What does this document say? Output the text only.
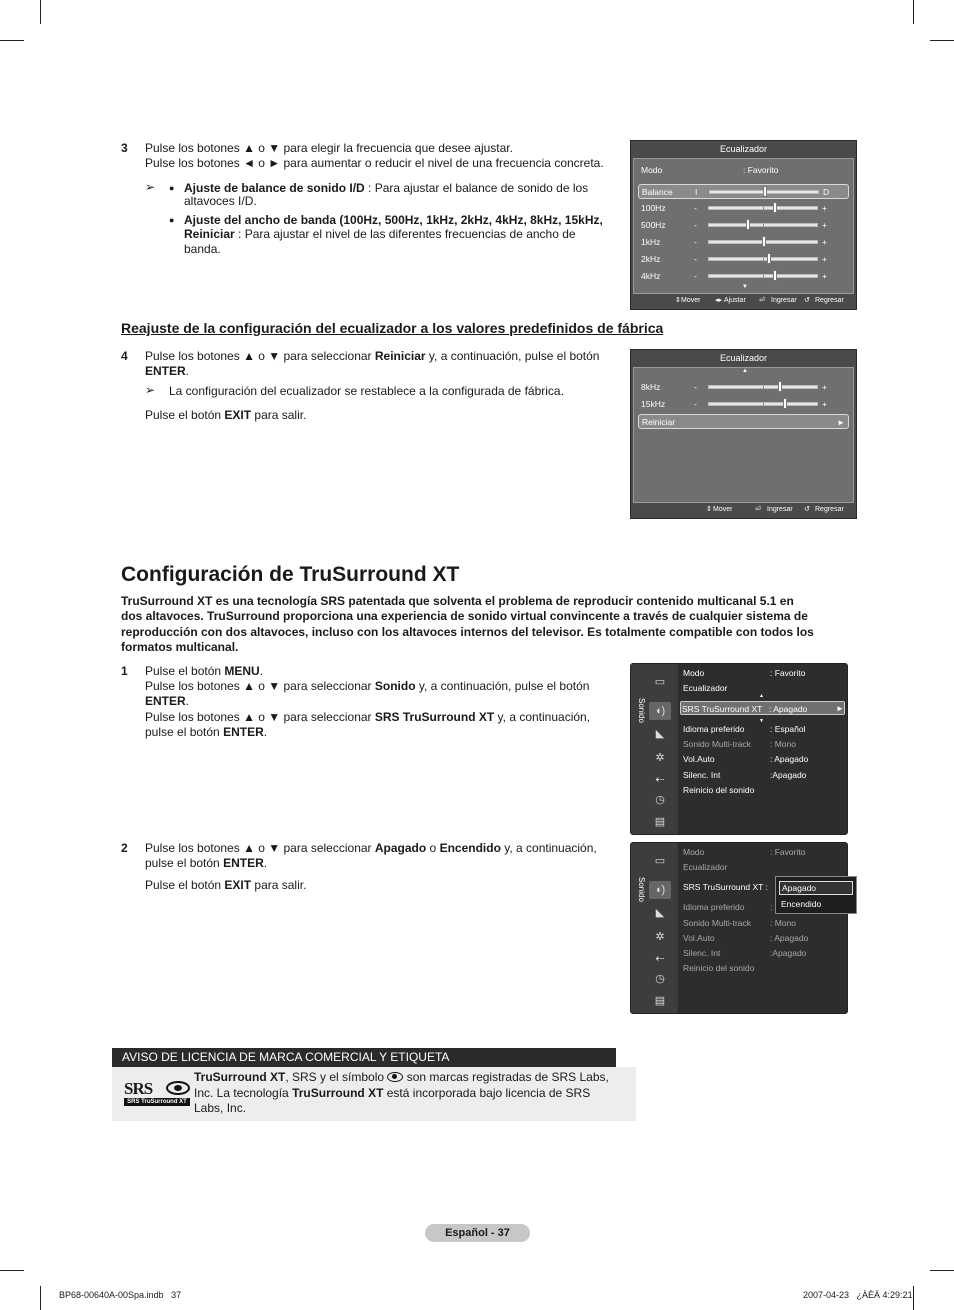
3 Pulse los botones ▲ o ▼ para elegir la frecuencia que desee ajustar.
Pulse los botones ◄ o ► para aumentar o reducir el nivel de una frecuencia concreta.
➢ ● Ajuste de balance de sonido I/D : Para ajustar el balance de sonido de los
altavoces I/D.
● Ajuste del ancho de banda (100Hz, 500Hz, 1kHz, 2kHz, 4kHz, 8kHz, 15kHz,
Reiniciar : Para ajustar el nivel de las diferentes frecuencias de ancho de
banda.
Ecualizador
Modo	: Favorito
Balance	I	D
100Hz	-	+
500Hz	-	+
1kHz	-	+
2kHz	-	+
4kHz	-	+
▼
⇕ Mover ◂▸ Ajustar ⏎ Ingresar ↺ Regresar
Reajuste de la configuración del ecualizador a los valores predefinidos de fábrica
4 Pulse los botones ▲ o ▼ para seleccionar Reiniciar y, a continuación, pulse el botón
ENTER.
➢ La configuración del ecualizador se restablece a la configurada de fábrica.
Pulse el botón EXIT para salir.
Ecualizador
▲
8kHz	-	+
15kHz	-	+
Reiniciar	►
⇕ Mover	⏎ Ingresar ↺ Regresar
Configuración de TruSurround XT
TruSurround XT es una tecnología SRS patentada que solventa el problema de reproducir contenido multicanal 5.1 en
dos altavoces. TruSurround proporciona una experiencia de sonido virtual convincente a través de cualquier sistema de
reproducción con dos altavoces, incluso con los altavoces internos del televisor. Es totalmente compatible con todos los
formatos multicanal.
1 Pulse el botón MENU.
Pulse los botones ▲ o ▼ para seleccionar Sonido y, a continuación, pulse el botón
ENTER.
Pulse los botones ▲ o ▼ para seleccionar SRS TruSurround XT y, a continuación,
pulse el botón ENTER.
Sonido
▭
◖)
◣
✲
⇠
◷
▤
Modo	: Favorito
Ecualizador
SRS TruSurround XT : Apagado
Idioma preferido	: Español
Sonido Multi-track : Mono
Vol.Auto	: Apagado
Silenc. Int	:Apagado
Reinicio del sonido
▲
▼
►
2 Pulse los botones ▲ o ▼ para seleccionar Apagado o Encendido y, a continuación,
pulse el botón ENTER.
Pulse el botón EXIT para salir.	Sonido
▭
◖)
◣
✲
⇠
◷
▤
Modo	: Favorito
Ecualizador
SRS TruSurround XT :
Idioma preferido	:
Sonido Multi-track : Mono
Vol.Auto	: Apagado
Silenc. Int	:Apagado
Reinicio del sonido
Apagado
Encendido
AVISO DE LICENCIA DE MARCA COMERCIAL Y ETIQUETA
SRS
SRS TruSurround XT
TruSurround XT, SRS y el símbolo
son marcas registradas de SRS Labs,
Inc. La tecnología TruSurround XT está incorporada bajo licencia de SRS
Labs, Inc.
Español - 37
BP68-00640A-00Spa.indb   37	2007-04-23   ¿ÀÈÄ 4:29:21
